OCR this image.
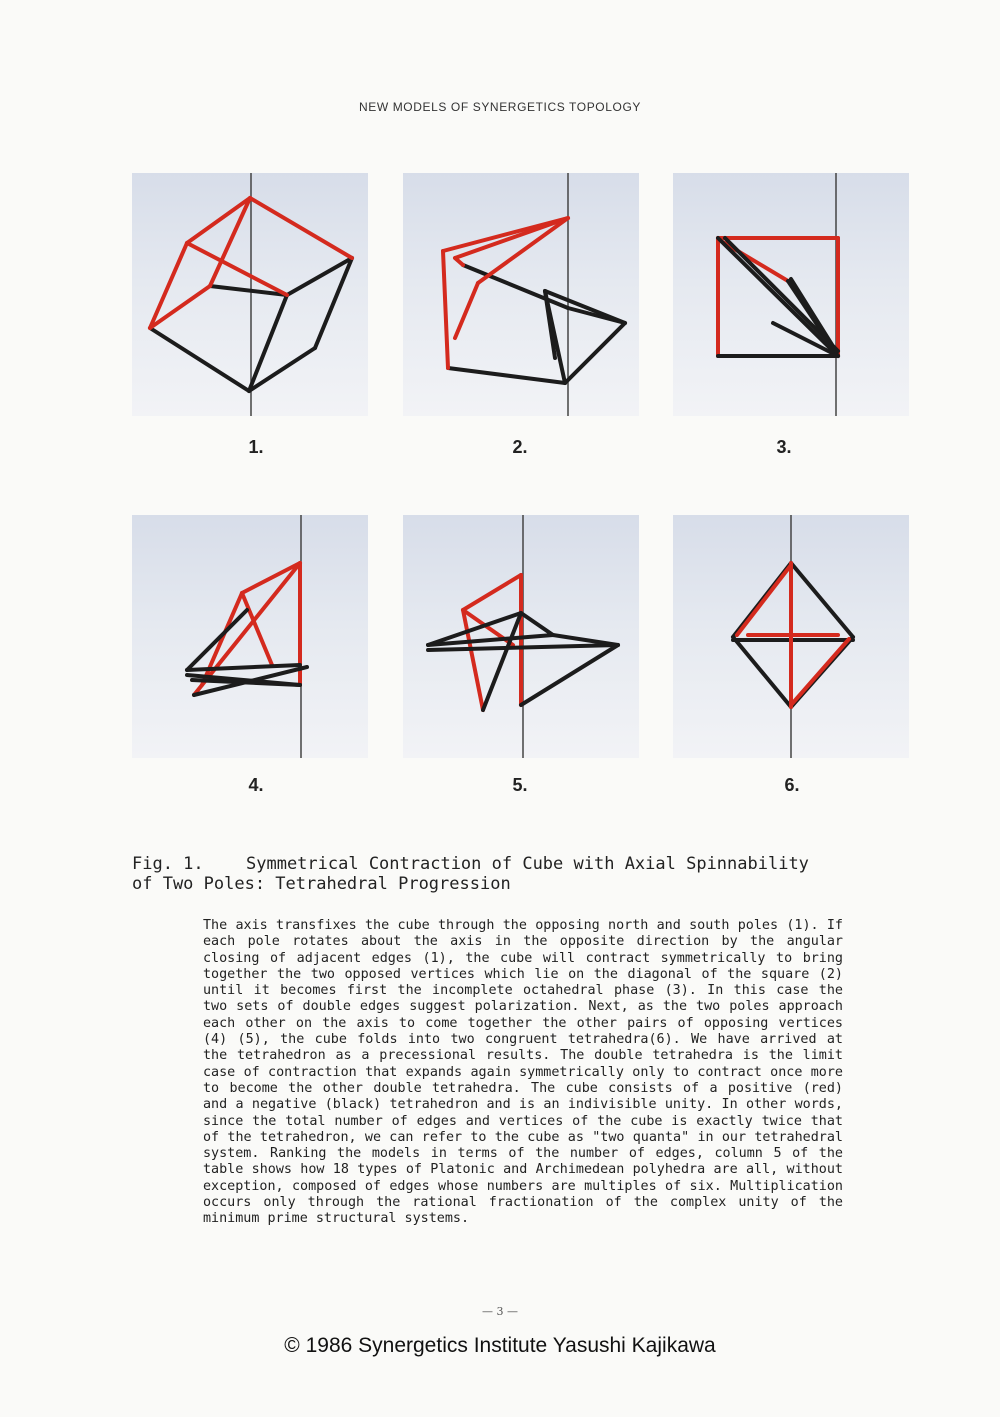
NEW MODELS OF SYNERGETICS TOPOLOGY
1.	2.	3.
4.	5.	6.
Fig. 1. Symmetrical Contraction of Cube with Axial Spinnability
of Two Poles: Tetrahedral Progression
The axis transfixes the cube through the opposing north and south poles (1). If each pole rotates about the axis in the opposite direction by the angular closing of adjacent edges (1), the cube will contract symmetrically to bring together the two opposed vertices which lie on the diagonal of the square (2) until it becomes first the incomplete octahedral phase (3). In this case the two sets of double edges suggest polarization. Next, as the two poles approach each other on the axis to come together the other pairs of opposing vertices (4) (5), the cube folds into two congruent tetrahedra(6). We have arrived at the tetrahedron as a precessional results. The double tetrahedra is the limit case of contraction that expands again symmetrically only to contract once more to become the other double tetrahedra. The cube consists of a positive (red) and a negative (black) tetrahedron and is an indivisible unity. In other words, since the total number of edges and vertices of the cube is exactly twice that of the tetrahedron, we can refer to the cube as "two quanta" in our tetrahedral system. Ranking the models in terms of the number of edges, column 5 of the table shows how 18 types of Platonic and Archimedean polyhedra are all, without exception, composed of edges whose numbers are multiples of six. Multiplication occurs only through the rational fractionation of the complex unity of the minimum prime structural systems.
— 3 —
© 1986 Synergetics Institute Yasushi Kajikawa
